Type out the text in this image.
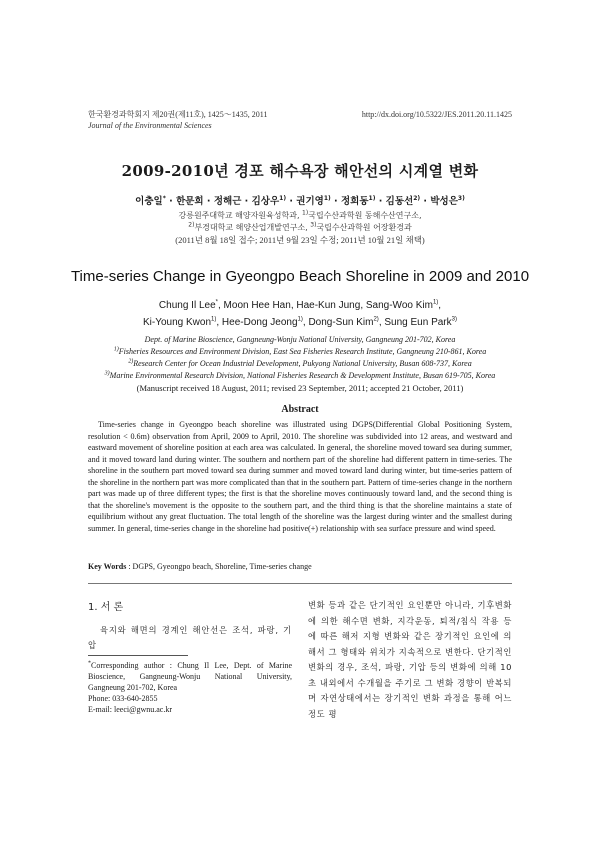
한국환경과학회지 제20권(제11호), 1425～1435, 2011
Journal of the Environmental Sciences
http://dx.doi.org/10.5322/JES.2011.20.11.1425
2009-2010년 경포 해수욕장 해안선의 시계열 변화
이충일* · 한문희 · 정해근 · 김상우$^{1)}$ · 권기영$^{1)}$ · 정희동$^{1)}$ · 김동선$^{2)}$ · 박성은$^{3)}$
강릉원주대학교 해양자원육성학과, $^{1)}$국립수산과학원 동해수산연구소,
$^{2)}$부경대학교 해양산업개발연구소, $^{3)}$국립수산과학원 어장환경과
(2011년 8월 18일 접수; 2011년 9월 23일 수정; 2011년 10월 21일 채택)
Time-series Change in Gyeongpo Beach Shoreline in 2009 and 2010
Chung Il Lee*, Moon Hee Han, Hae-Kun Jung, Sang-Woo Kim$^{1)}$,
Ki-Young Kwon$^{1)}$, Hee-Dong Jeong$^{1)}$, Dong-Sun Kim$^{2)}$, Sung Eun Park$^{3)}$
Dept. of Marine Bioscience, Gangneung-Wonju National University, Gangneung 201-702, Korea
$^{1)}$Fisheries Resources and Environment Division, East Sea Fisheries Research Institute, Gangneung 210-861, Korea
$^{2)}$Research Center for Ocean Industrial Development, Pukyong National University, Busan 608-737, Korea
$^{3)}$Marine Environmental Research Division, National Fisheries Research & Development Institute, Busan 619-705, Korea
(Manuscript received 18 August, 2011; revised 23 September, 2011; accepted 21 October, 2011)
Abstract
Time-series change in Gyeongpo beach shoreline was illustrated using DGPS(Differential Global Positioning System, resolution < 0.6m) observation from April, 2009 to April, 2010. The shoreline was subdivided into 12 areas, and westward and eastward movement of shoreline position at each area was calculated. In general, the shoreline moved toward sea during summer, and it moved toward land during winter. The southern and northern part of the shoreline had different pattern in time-series. The shoreline in the southern part moved toward sea during summer and moved toward land during winter, but time-series pattern of the shoreline in the northern part was more complicated than that in the southern part. Pattern of time-series change in the northern part was made up of three different types; the first is that the shoreline moves continuously toward land, and the second thing is that the shoreline's movement is the opposite to the southern part, and the third thing is that the shoreline maintains a state of equilibrium without any great fluctuation. The total length of the shoreline was the largest during winter and the smallest during summer. In general, time-series change in the shoreline had positive(+) relationship with sea surface pressure and wind speed.
Key Words : DGPS, Gyeongpo beach, Shoreline, Time-series change
1. 서 론
육지와 해면의 경계인 해안선은 조석, 파랑, 기압
*Corresponding author : Chung Il Lee, Dept. of Marine Bioscience, Gangneung-Wonju National University, Gangneung 201-702, Korea
Phone: 033-640-2855
E-mail: leeci@gwnu.ac.kr
변화 등과 같은 단기적인 요인뿐만 아니라, 기후변화에 의한 해수면 변화, 지각운동, 퇴적/침식 작용 등에 따른 해저 지형 변화와 같은 장기적인 요인에 의해서 그 형태와 위치가 지속적으로 변한다. 단기적인 변화의 경우, 조석, 파랑, 기압 등의 변화에 의해 10초 내외에서 수개월을 주기로 그 변화 경향이 반복되며 자연상태에서는 장기적인 변화 과정을 통해 어느 정도 평
